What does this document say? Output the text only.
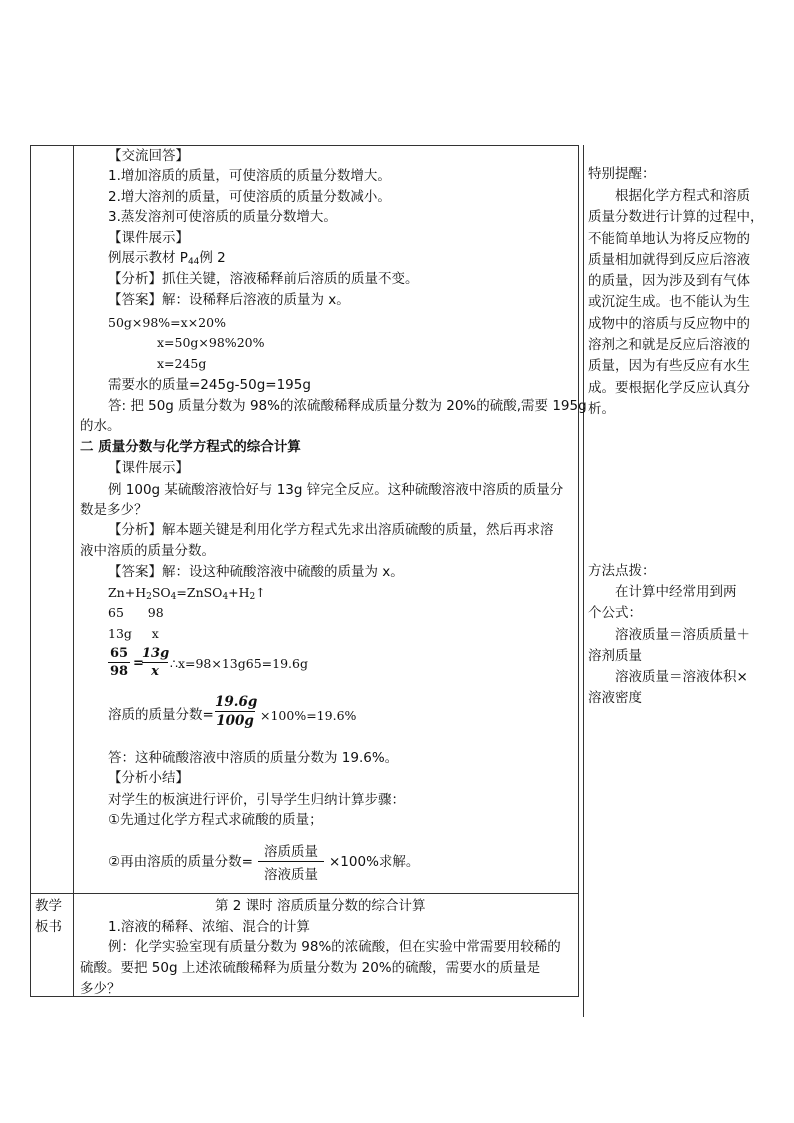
教学
板书
【交流回答】
1.增加溶质的质量，可使溶质的质量分数增大。
2.增大溶剂的质量，可使溶质的质量分数减小。
3.蒸发溶剂可使溶质的质量分数增大。
【课件展示】
例展示教材 $P_{44}$例 2
【分析】抓住关键，溶液稀释前后溶质的质量不变。
【答案】解：设稀释后溶液的质量为 x。
50g×98%=x×20%
x=50g×98%20%
x=245g
需要水的质量=245g-50g=195g
答: 把 50g 质量分数为 98%的浓硫酸稀释成质量分数为 20%的硫酸,需要 195g
的水。
二 质量分数与化学方程式的综合计算
【课件展示】
例 100g 某硫酸溶液恰好与 13g 锌完全反应。这种硫酸溶液中溶质的质量分
数是多少？
【分析】解本题关键是利用化学方程式先求出溶质硫酸的质量，然后再求溶
液中溶质的质量分数。
【答案】解：设这种硫酸溶液中硫酸的质量为 x。
$Zn+H_2SO_4=ZnSO_4+H_2↑$
65      98
13g     x
65
98
=
13g
x
∴x=98×13g65=19.6g
溶质的质量分数=
19.6g
100g ×100%=19.6%
答：这种硫酸溶液中溶质的质量分数为 19.6%。
【分析小结】
对学生的板演进行评价，引导学生归纳计算步骤：
①先通过化学方程式求硫酸的质量；
②再由溶质的质量分数=
溶质质量
溶液质量
×100%求解。
第 2 课时 溶质质量分数的综合计算
1.溶液的稀释、浓缩、混合的计算
例：化学实验室现有质量分数为 98%的浓硫酸，但在实验中常需要用较稀的
硫酸。要把 50g 上述浓硫酸稀释为质量分数为 20%的硫酸，需要水的质量是
多少？
特别提醒：
　　根据化学方程式和溶质
质量分数进行计算的过程中，
不能简单地认为将反应物的
质量相加就得到反应后溶液
的质量，因为涉及到有气体
或沉淀生成。也不能认为生
成物中的溶质与反应物中的
溶剂之和就是反应后溶液的
质量，因为有些反应有水生
成。要根据化学反应认真分
析。
方法点拨：
　　在计算中经常用到两
个公式：
　　溶液质量＝溶质质量＋
溶剂质量
　　溶液质量＝溶液体积×
溶液密度
